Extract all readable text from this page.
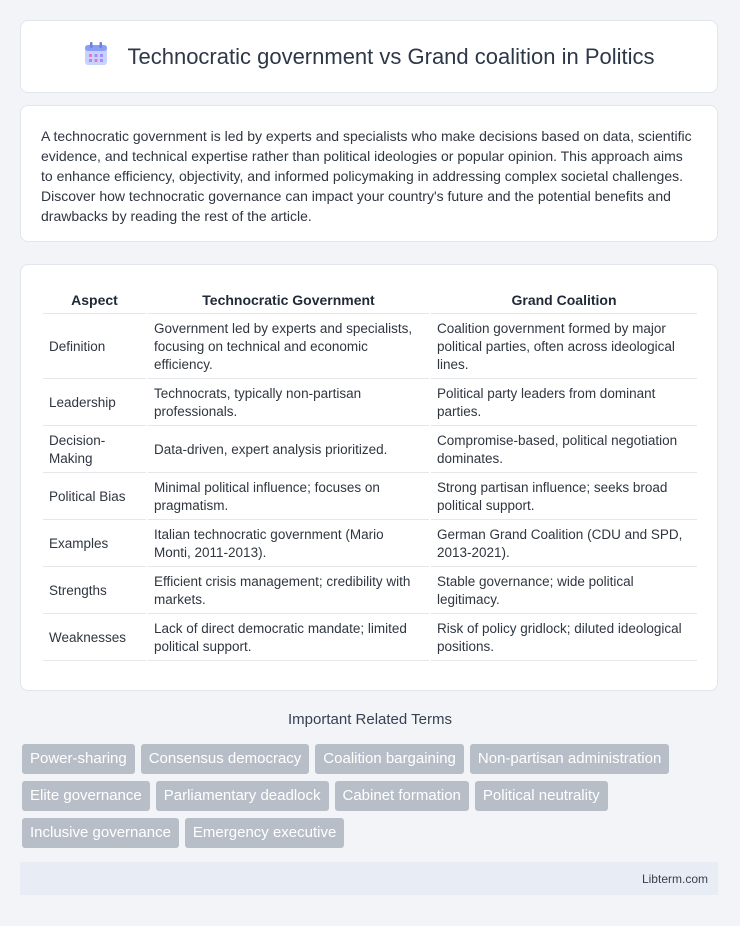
Technocratic government vs Grand coalition in Politics

A technocratic government is led by experts and specialists who make decisions based on data, scientific evidence, and technical expertise rather than political ideologies or popular opinion. This approach aims to enhance efficiency, objectivity, and informed policymaking in addressing complex societal challenges. Discover how technocratic governance can impact your country's future and the potential benefits and drawbacks by reading the rest of the article.

Aspect	Technocratic Government	Grand Coalition
Definition	Government led by experts and specialists, focusing on technical and economic efficiency.	Coalition government formed by major political parties, often across ideological lines.
Leadership	Technocrats, typically non-partisan professionals.	Political party leaders from dominant parties.
Decision-Making	Data-driven, expert analysis prioritized.	Compromise-based, political negotiation dominates.
Political Bias	Minimal political influence; focuses on pragmatism.	Strong partisan influence; seeks broad political support.
Examples	Italian technocratic government (Mario Monti, 2011-2013).	German Grand Coalition (CDU and SPD, 2013-2021).
Strengths	Efficient crisis management; credibility with markets.	Stable governance; wide political legitimacy.
Weaknesses	Lack of direct democratic mandate; limited political support.	Risk of policy gridlock; diluted ideological positions.
Important Related Terms
Power-sharing	Consensus democracy	Coalition bargaining	Non-partisan administration
Elite governance	Parliamentary deadlock	Cabinet formation	Political neutrality
Inclusive governance	Emergency executive
Libterm.com
